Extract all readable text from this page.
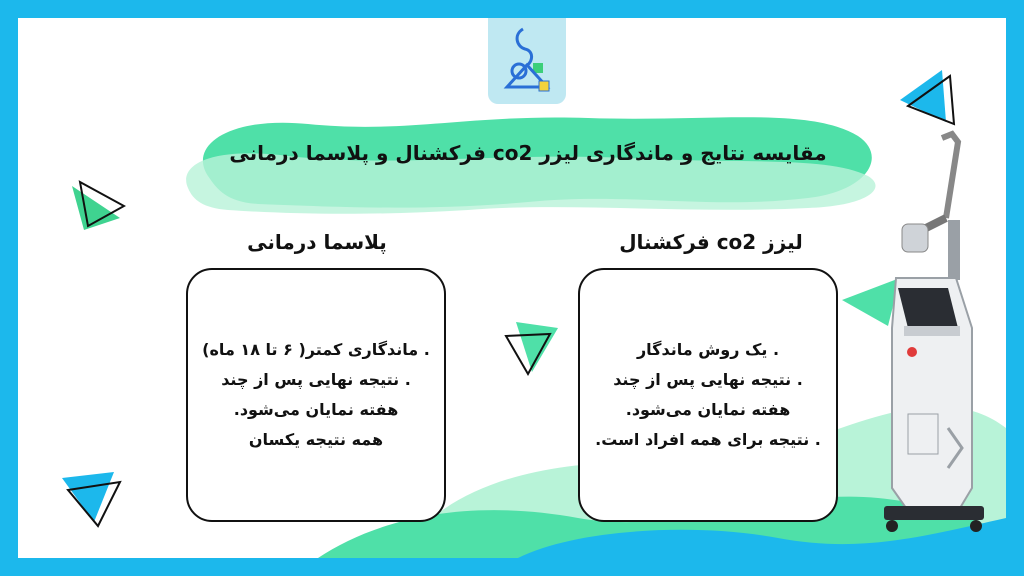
مقایسه نتایج و ماندگاری لیزر co2 فرکشنال و پلاسما درمانی
لیزز co2 فرکشنال
پلاسما درمانی

. یک روش ماندگار

. نتیجه نهایی پس از چند

هفته نمایان می‌شود.

. نتیجه برای همه افراد است.

. ماندگاری کمتر( ۶ تا ۱۸ ماه)

. نتیجه نهایی پس از چند

هفته نمایان می‌شود.

همه نتیجه یکسان
